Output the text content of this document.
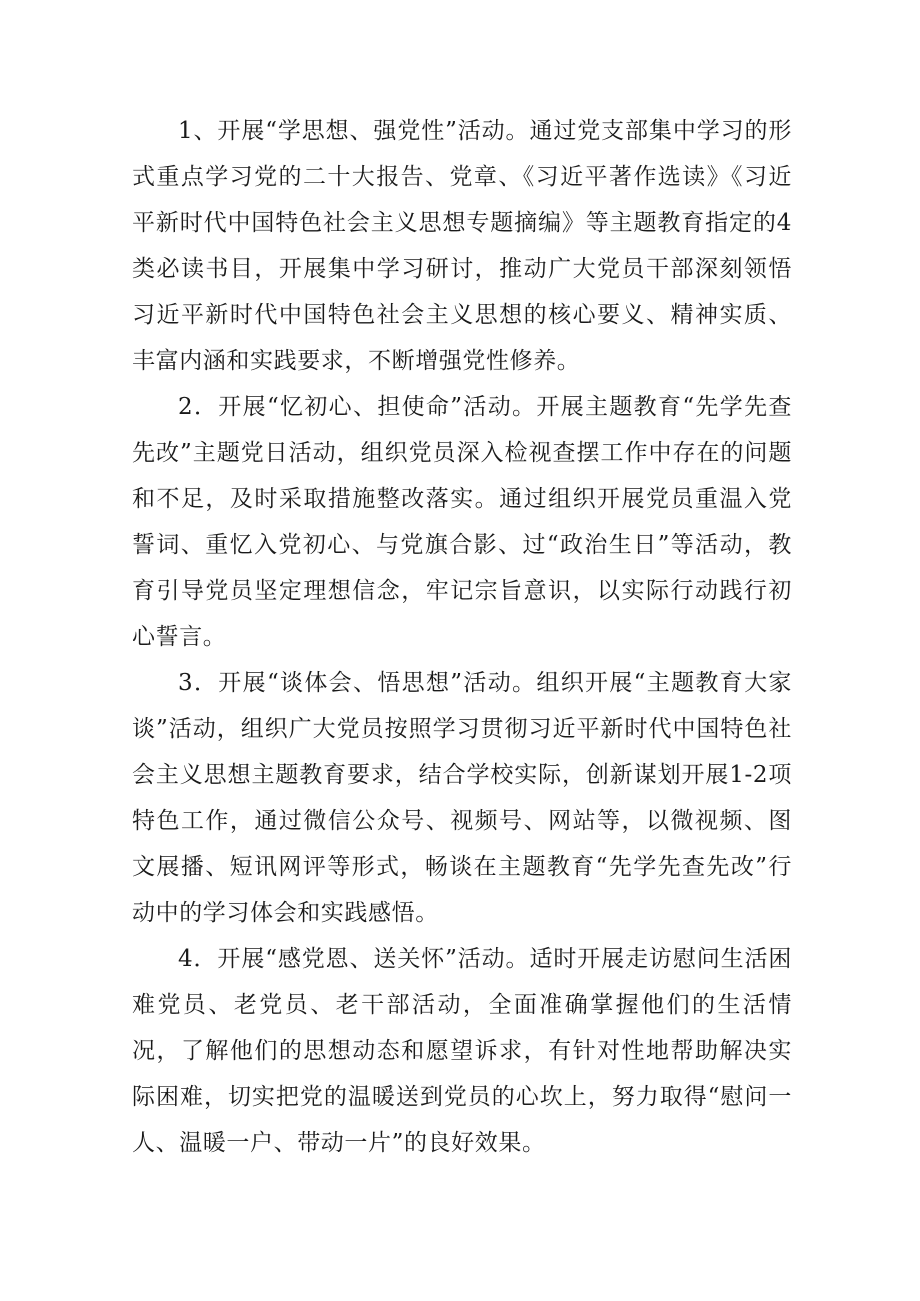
1、开展“学思想、强党性”活动。通过党支部集中学习的形式重点学习党的二十大报告、党章、《习近平著作选读》《习近平新时代中国特色社会主义思想专题摘编》等主题教育指定的4类必读书目，开展集中学习研讨，推动广大党员干部深刻领悟习近平新时代中国特色社会主义思想的核心要义、精神实质、丰富内涵和实践要求，不断增强党性修养。

2．开展“忆初心、担使命”活动。开展主题教育“先学先查先改”主题党日活动，组织党员深入检视查摆工作中存在的问题和不足，及时采取措施整改落实。通过组织开展党员重温入党誓词、重忆入党初心、与党旗合影、过“政治生日”等活动，教育引导党员坚定理想信念，牢记宗旨意识，以实际行动践行初心誓言。

3．开展“谈体会、悟思想”活动。组织开展“主题教育大家谈”活动，组织广大党员按照学习贯彻习近平新时代中国特色社会主义思想主题教育要求，结合学校实际，创新谋划开展1-2项特色工作，通过微信公众号、视频号、网站等，以微视频、图文展播、短讯网评等形式，畅谈在主题教育“先学先查先改”行动中的学习体会和实践感悟。

4．开展“感党恩、送关怀”活动。适时开展走访慰问生活困难党员、老党员、老干部活动，全面准确掌握他们的生活情况，了解他们的思想动态和愿望诉求，有针对性地帮助解决实际困难，切实把党的温暖送到党员的心坎上，努力取得“慰问一人、温暖一户、带动一片”的良好效果。
